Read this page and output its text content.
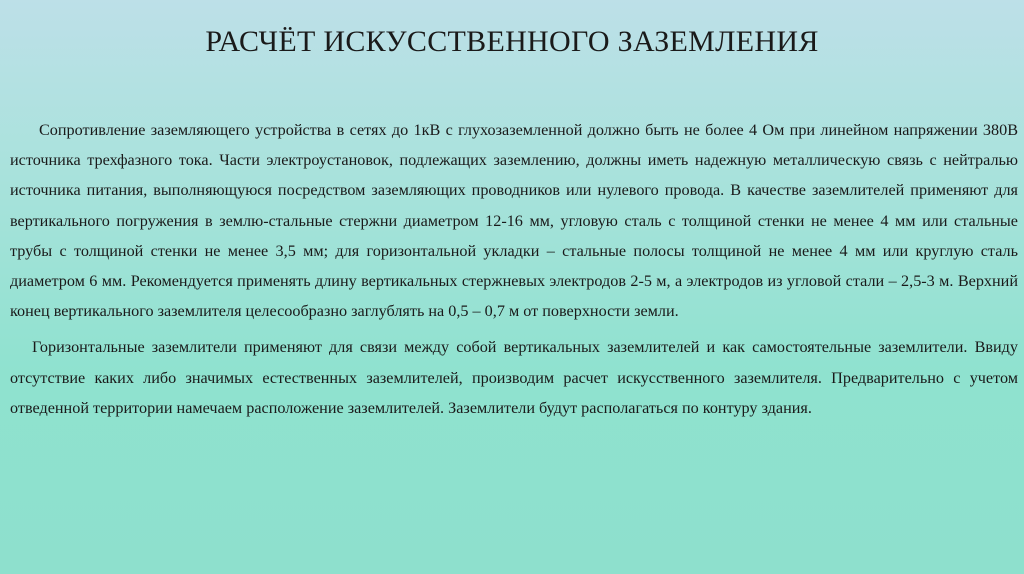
РАСЧЁТ ИСКУССТВЕННОГО ЗАЗЕМЛЕНИЯ

Сопротивление заземляющего устройства в сетях до 1кВ с глухозаземленной должно быть не более 4 Ом при линейном напряжении 380В источника трехфазного тока. Части электроустановок, подлежащих заземлению, должны иметь надежную металлическую связь с нейтралью источника питания, выполняющуюся посредством заземляющих проводников или нулевого провода. В качестве заземлителей применяют для вертикального погружения в землю-стальные стержни диаметром 12-16 мм, угловую сталь с толщиной стенки не менее 4 мм или стальные трубы с толщиной стенки не менее 3,5 мм; для горизонтальной укладки – стальные полосы толщиной не менее 4 мм или круглую сталь диаметром 6 мм. Рекомендуется применять длину вертикальных стержневых электродов 2-5 м, а электродов из угловой стали – 2,5-3 м. Верхний конец вертикального заземлителя целесообразно заглублять на 0,5 – 0,7 м от поверхности земли.

Горизонтальные заземлители применяют для связи между собой вертикальных заземлителей и как самостоятельные заземлители. Ввиду отсутствие каких либо значимых естественных заземлителей, производим расчет искусственного заземлителя. Предварительно с учетом отведенной территории намечаем расположение заземлителей. Заземлители будут располагаться по контуру здания.
